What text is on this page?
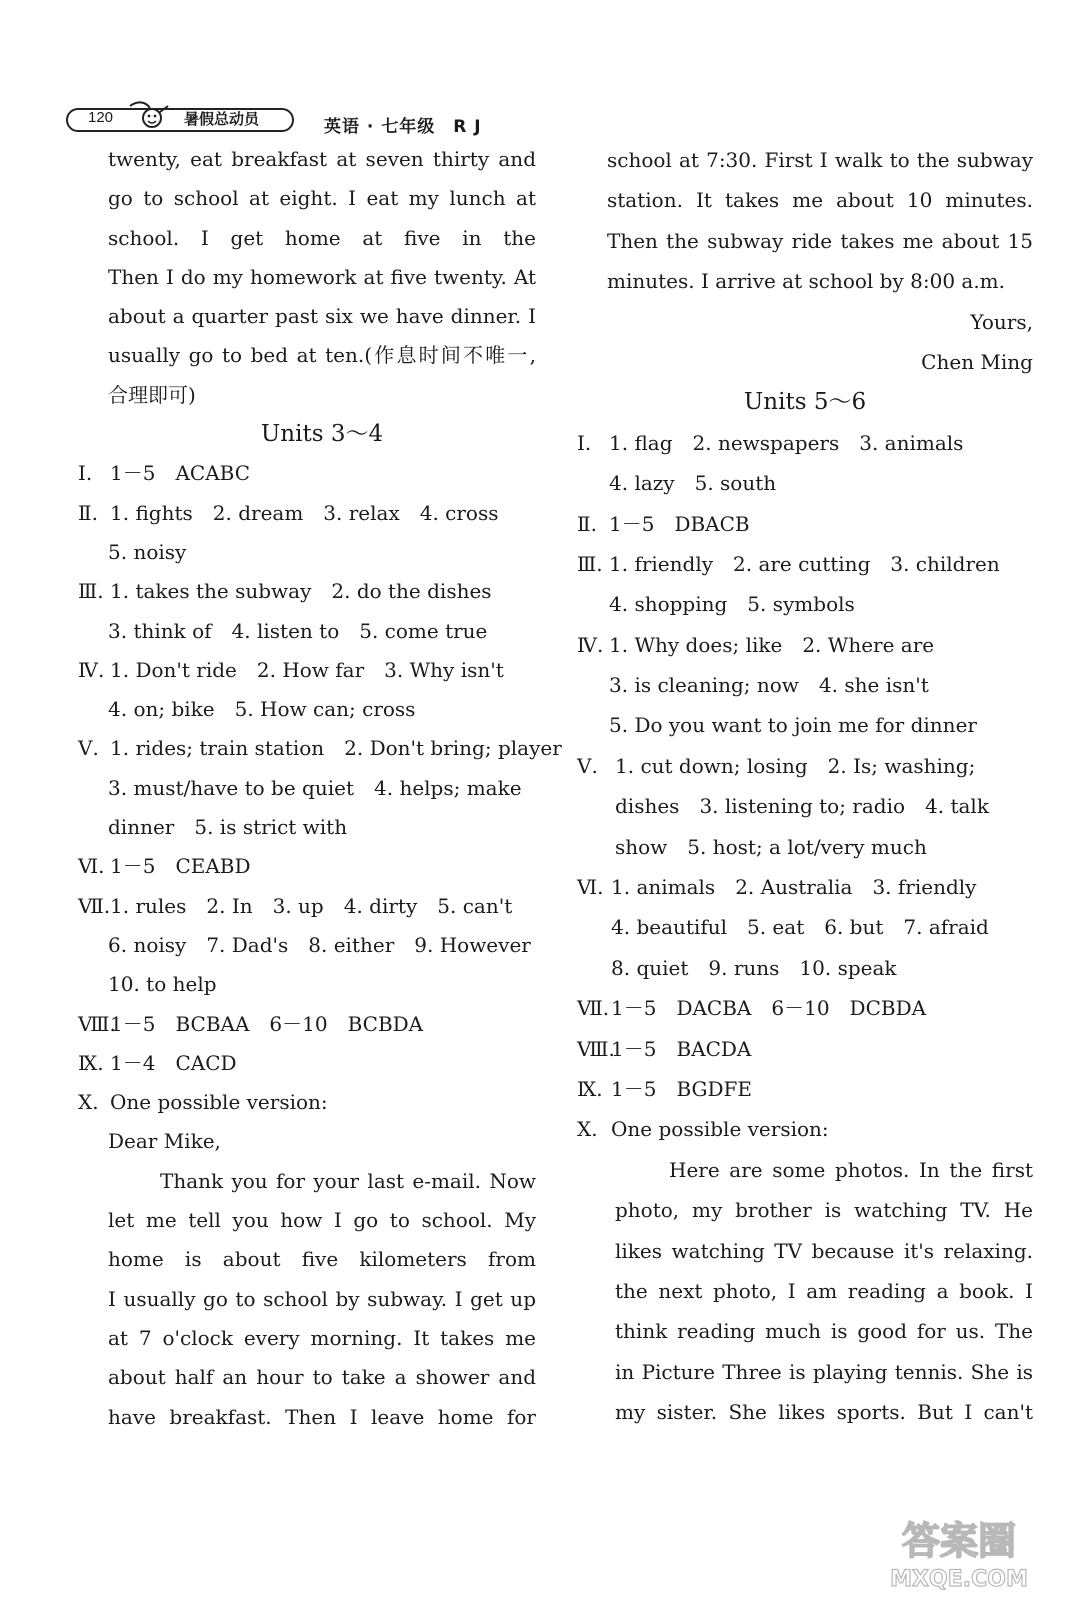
120	暑假总动员	英语 · 七年级　R J
twenty, eat breakfast at seven thirty and
go to school at eight. I eat my lunch at
school. I get home at five in the
Then I do my homework at five twenty. At
about a quarter past six we have dinner. I
usually go to bed at ten.(作息时间不唯一,
合理即可)
Units 3～4
Ⅰ. 1－5　ACABC
Ⅱ. 1. fights　2. dream　3. relax　4. cross
5. noisy
Ⅲ. 1. takes the subway　2. do the dishes
3. think of　4. listen to　5. come true
Ⅳ. 1. Don't ride　2. How far　3. Why isn't
4. on; bike　5. How can; cross
Ⅴ. 1. rides; train station　2. Don't bring; player
3. must/have to be quiet　4. helps; make
dinner　5. is strict with
Ⅵ. 1－5　CEABD
Ⅶ.1. rules　2. In　3. up　4. dirty　5. can't
6. noisy　7. Dad's　8. either　9. However
10. to help
Ⅷ.1－5　BCBAA　6－10　BCBDA
Ⅸ. 1－4　CACD
Ⅹ. One possible version:
Dear Mike,
Thank you for your last e-mail. Now
let me tell you how I go to school. My
home is about five kilometers from
I usually go to school by subway. I get up
at 7 o'clock every morning. It takes me
about half an hour to take a shower and
have breakfast. Then I leave home for
school at 7:30. First I walk to the subway
station. It takes me about 10 minutes.
Then the subway ride takes me about 15
minutes. I arrive at school by 8:00 a.m.
Yours,
Chen Ming
Units 5～6
Ⅰ. 1. flag　2. newspapers　3. animals
4. lazy　5. south
Ⅱ. 1－5　DBACB
Ⅲ. 1. friendly　2. are cutting　3. children
4. shopping　5. symbols
Ⅳ. 1. Why does; like　2. Where are
3. is cleaning; now　4. she isn't
5. Do you want to join me for dinner
Ⅴ. 1. cut down; losing　2. Is; washing;
dishes　3. listening to; radio　4. talk
show　5. host; a lot/very much
Ⅵ. 1. animals　2. Australia　3. friendly
4. beautiful　5. eat　6. but　7. afraid
8. quiet　9. runs　10. speak
Ⅶ.1－5　DACBA　6－10　DCBDA
Ⅷ.1－5　BACDA
Ⅸ. 1－5　BGDFE
Ⅹ. One possible version:
Here are some photos. In the first
photo, my brother is watching TV. He
likes watching TV because it's relaxing.
the next photo, I am reading a book. I
think reading much is good for us. The
in Picture Three is playing tennis. She is
my sister. She likes sports. But I can't
答案圈
MXQE.COM
